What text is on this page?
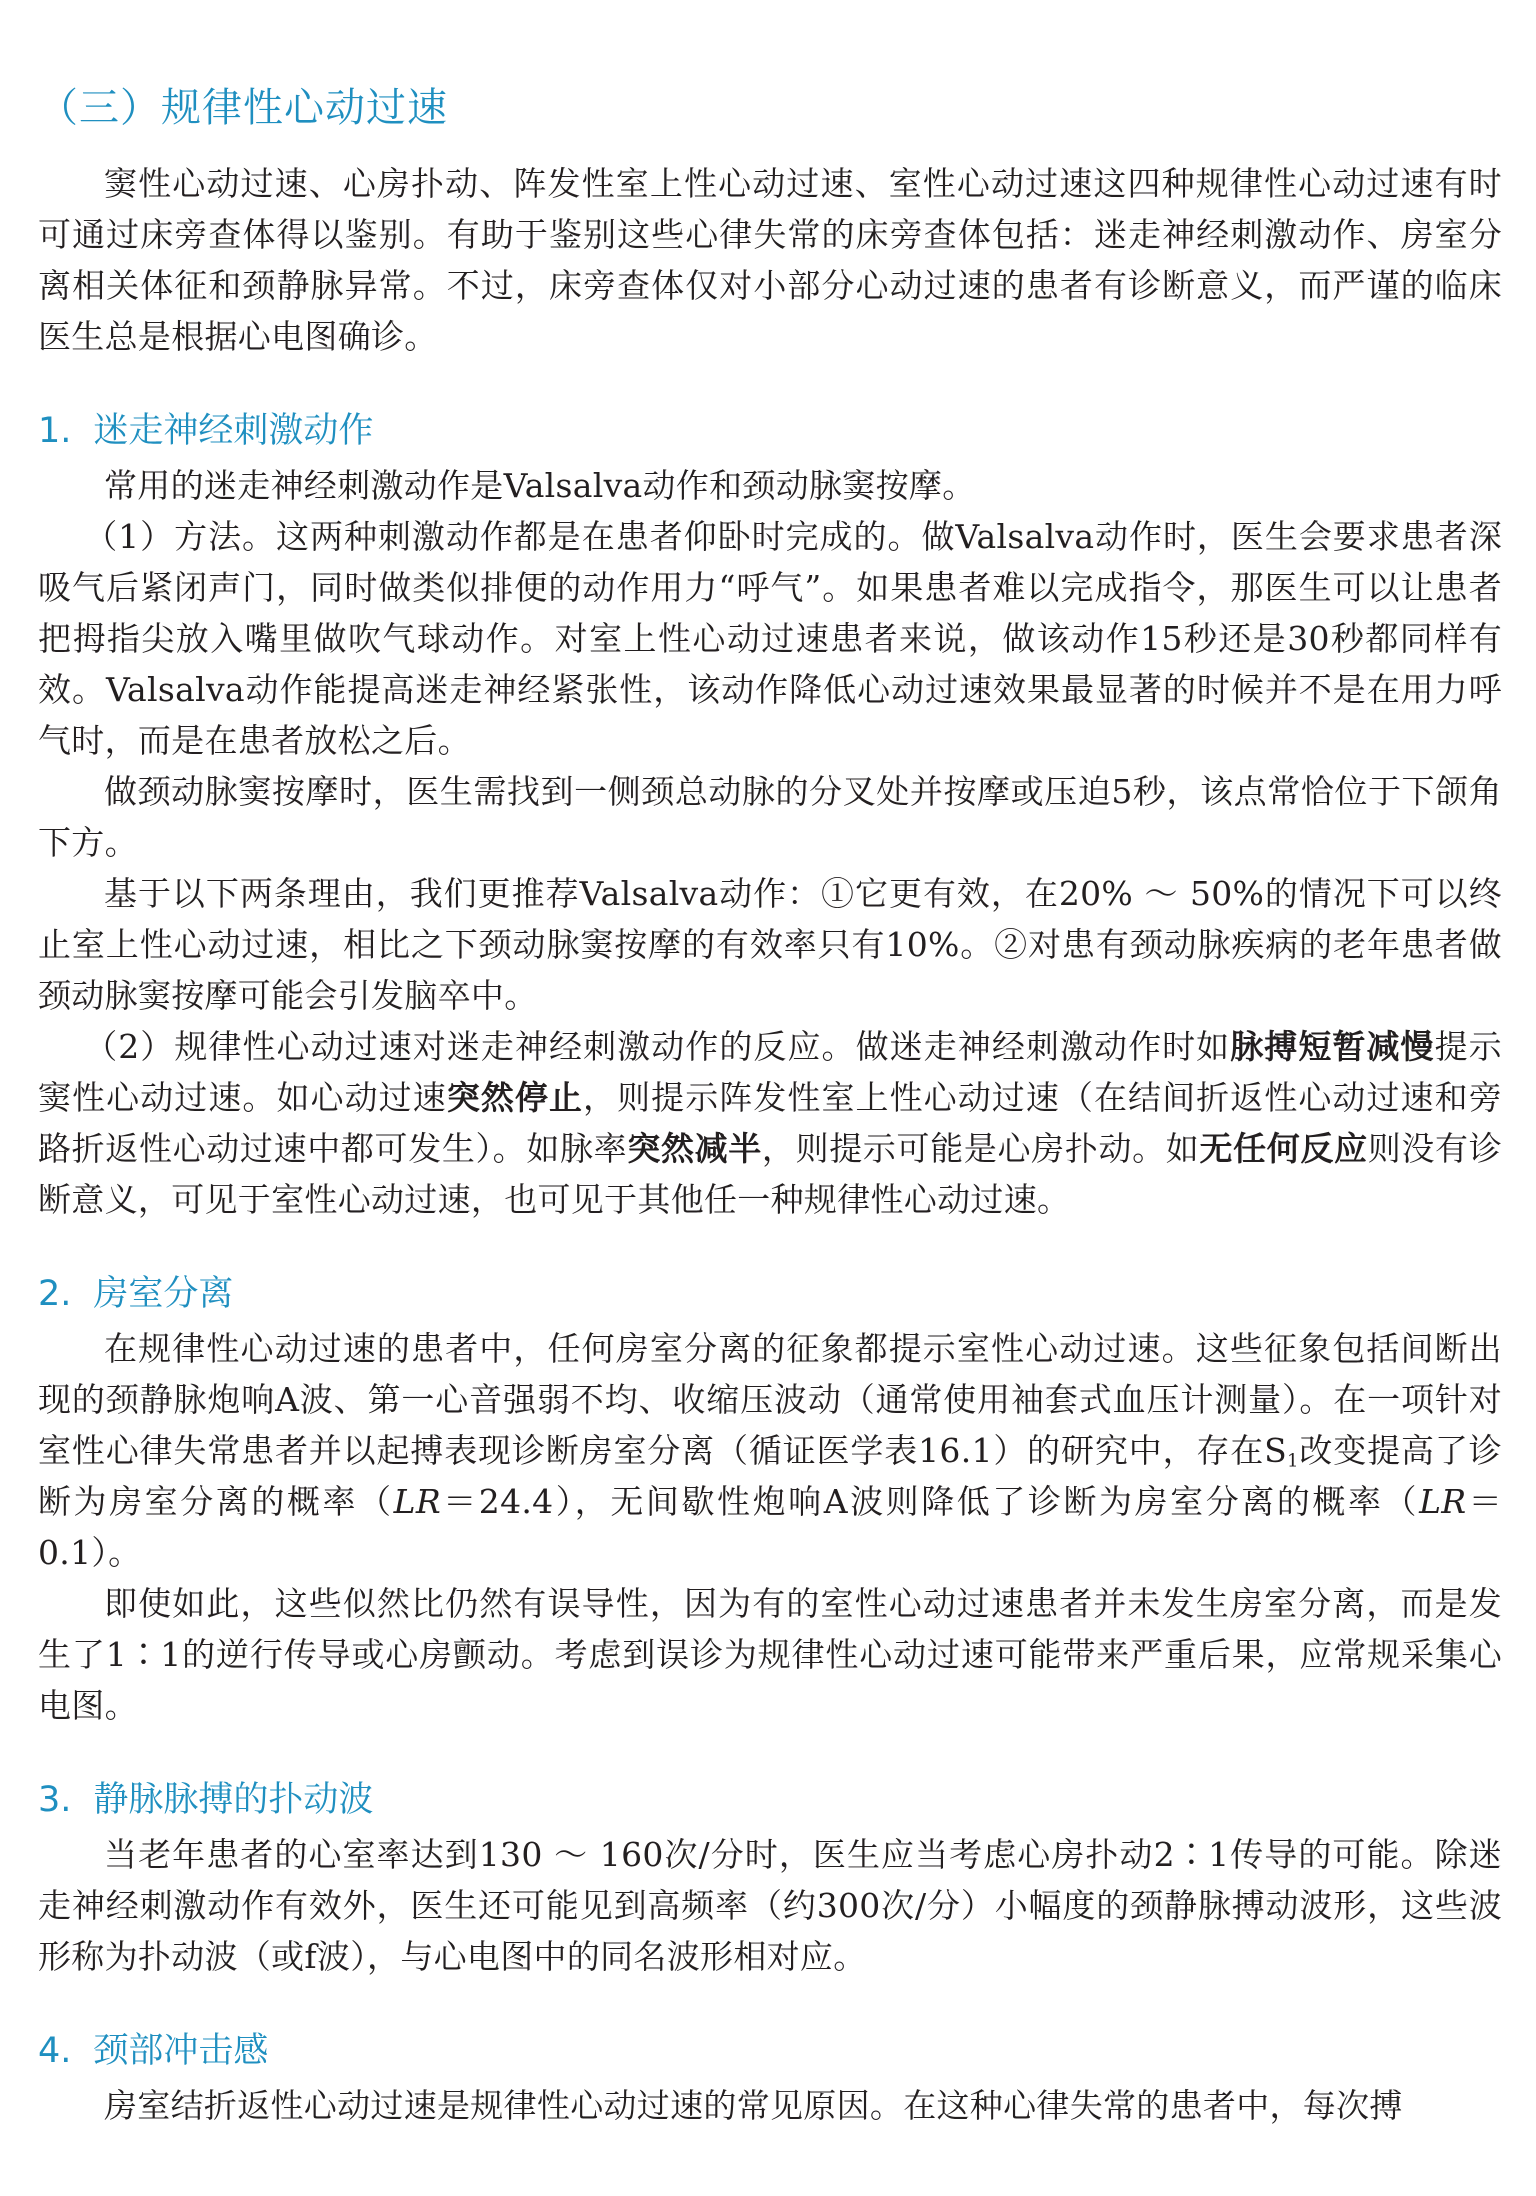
（三）规律性心动过速

窦性心动过速、心房扑动、阵发性室上性心动过速、室性心动过速这四种规律性心动过速有时可通过床旁查体得以鉴别。有助于鉴别这些心律失常的床旁查体包括：迷走神经刺激动作、房室分离相关体征和颈静脉异常。不过，床旁查体仅对小部分心动过速的患者有诊断意义，而严谨的临床医生总是根据心电图确诊。

1. 迷走神经刺激动作

常用的迷走神经刺激动作是Valsalva动作和颈动脉窦按摩。

（1）方法。这两种刺激动作都是在患者仰卧时完成的。做Valsalva动作时，医生会要求患者深吸气后紧闭声门，同时做类似排便的动作用力“呼气”。如果患者难以完成指令，那医生可以让患者把拇指尖放入嘴里做吹气球动作。对室上性心动过速患者来说，做该动作15秒还是30秒都同样有效。Valsalva动作能提高迷走神经紧张性，该动作降低心动过速效果最显著的时候并不是在用力呼气时，而是在患者放松之后。

做颈动脉窦按摩时，医生需找到一侧颈总动脉的分叉处并按摩或压迫5秒，该点常恰位于下颌角下方。

基于以下两条理由，我们更推荐Valsalva动作：①它更有效，在20% ～ 50%的情况下可以终止室上性心动过速，相比之下颈动脉窦按摩的有效率只有10%。②对患有颈动脉疾病的老年患者做颈动脉窦按摩可能会引发脑卒中。

（2）规律性心动过速对迷走神经刺激动作的反应。做迷走神经刺激动作时如脉搏短暂减慢提示窦性心动过速。如心动过速突然停止，则提示阵发性室上性心动过速（在结间折返性心动过速和旁路折返性心动过速中都可发生）。如脉率突然减半，则提示可能是心房扑动。如无任何反应则没有诊断意义，可见于室性心动过速，也可见于其他任一种规律性心动过速。

2. 房室分离

在规律性心动过速的患者中，任何房室分离的征象都提示室性心动过速。这些征象包括间断出现的颈静脉炮响A波、第一心音强弱不均、收缩压波动（通常使用袖套式血压计测量）。在一项针对室性心律失常患者并以起搏表现诊断房室分离（循证医学表16.1）的研究中，存在$S_1$改变提高了诊断为房室分离的概率（LR＝24.4），无间歇性炮响A波则降低了诊断为房室分离的概率（LR＝0.1）。

即使如此，这些似然比仍然有误导性，因为有的室性心动过速患者并未发生房室分离，而是发生了1∶1的逆行传导或心房颤动。考虑到误诊为规律性心动过速可能带来严重后果，应常规采集心电图。

3. 静脉脉搏的扑动波

当老年患者的心室率达到130 ～ 160次/分时，医生应当考虑心房扑动2∶1传导的可能。除迷走神经刺激动作有效外，医生还可能见到高频率（约300次/分）小幅度的颈静脉搏动波形，这些波形称为扑动波（或f波），与心电图中的同名波形相对应。

4. 颈部冲击感

房室结折返性心动过速是规律性心动过速的常见原因。在这种心律失常的患者中，每次搏
